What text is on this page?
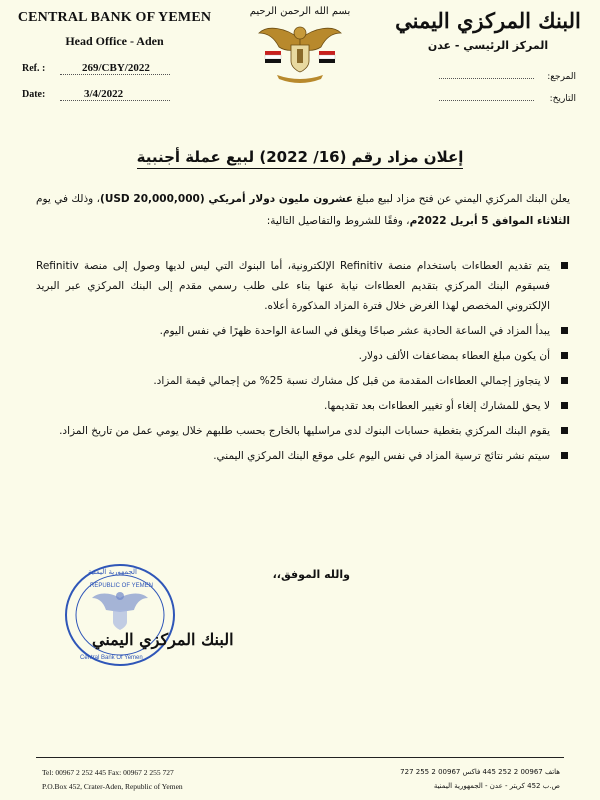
CENTRAL BANK OF YEMEN
Head Office - Aden
Ref. :	269/CBY/2022
Date:	3/4/2022
بسم الله الرحمن الرحيم	البنك المركزي اليمني
المركز الرئيسي - عدن
المرجع:
التاريخ:
إعلان مزاد رقم (16/ 2022) لبيع عملة أجنبية
يعلن البنك المركزي اليمني عن فتح مزاد لبيع مبلغ عشرون مليون دولار أمريكي (20,000,000 USD)، وذلك في يوم الثلاثاء الموافق 5 أبريل 2022م، وفقًا للشروط والتفاصيل التالية:
يتم تقديم العطاءات باستخدام منصة Refinitiv الإلكترونية، أما البنوك التي ليس لديها وصول إلى منصة Refinitiv فسيقوم البنك المركزي بتقديم العطاءات نيابة عنها بناء على طلب رسمي مقدم إلى البنك المركزي عبر البريد الإلكتروني المخصص لهذا الغرض خلال فترة المزاد المذكورة أعلاه.
يبدأ المزاد في الساعة الحادية عشر صباحًا ويغلق في الساعة الواحدة ظهرًا في نفس اليوم.
أن يكون مبلغ العطاء بمضاعفات الألف دولار.
لا يتجاوز إجمالي العطاءات المقدمة من قبل كل مشارك نسبة 25% من إجمالي قيمة المزاد.
لا يحق للمشارك إلغاء أو تغيير العطاءات بعد تقديمها.
يقوم البنك المركزي بتغطية حسابات البنوك لدى مراسليها بالخارج بحسب طلبهم خلال يومي عمل من تاريخ المزاد.
سيتم نشر نتائج ترسية المزاد في نفس اليوم على موقع البنك المركزي اليمني.
والله الموفق،،
الجمهورية اليمنية
REPUBLIC OF YEMEN
Central Bank Of Yemen
البنك المركزي اليمني
Tel: 00967 2 252 445 Fax: 00967 2 255 727
P.O.Box 452, Crater-Aden, Republic of Yemen
هاتف 00967 2 252 445 فاكس 00967 2 255 727
ص.ب 452 كريتر - عدن - الجمهورية اليمنية
